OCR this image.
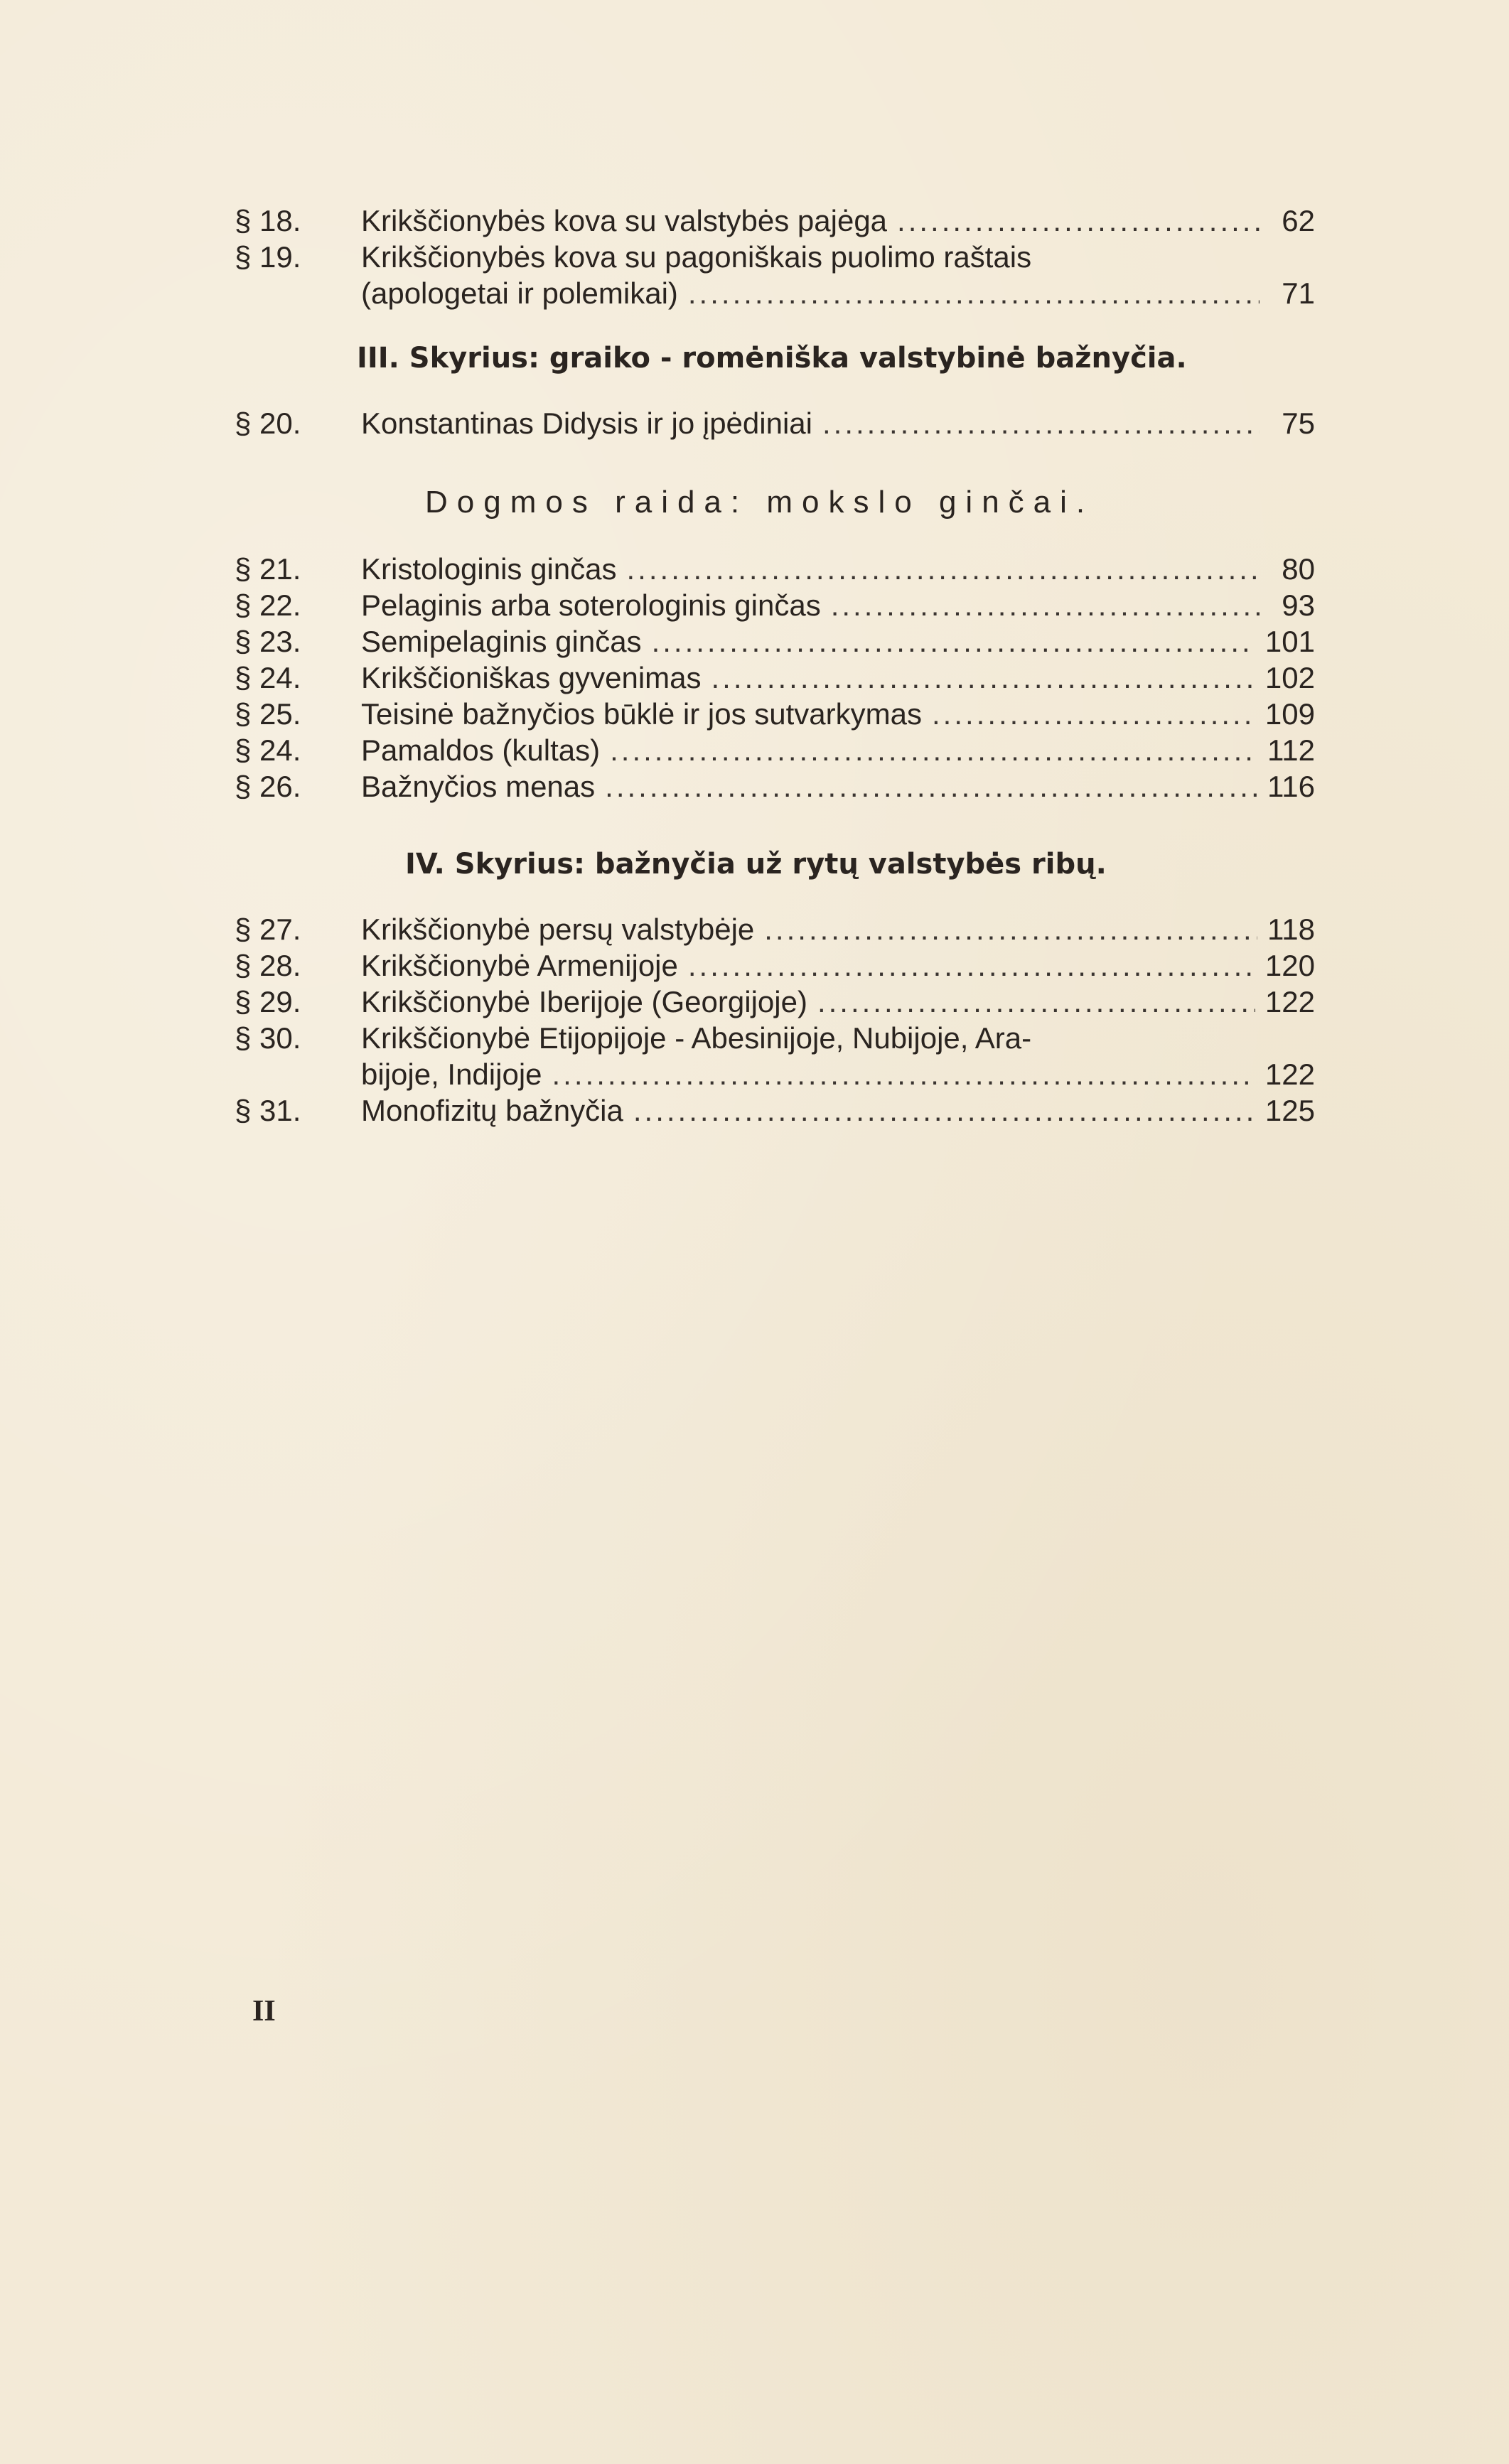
§ 18.	Krikščionybės kova su valstybės pajėga .....	62
§ 19.	Krikščionybės kova su pagoniškais puolimo raštais
(apologetai ir polemikai) .....	71
III. Skyrius: graiko - romėniška valstybinė bažnyčia.
§ 20.	Konstantinas Didysis ir jo įpėdiniai .....	75
Dogmos raida: mokslo ginčai.
§ 21.	Kristologinis ginčas .....	80
§ 22.	Pelaginis arba soterologinis ginčas .....	93
§ 23.	Semipelaginis ginčas .....	101
§ 24.	Krikščioniškas gyvenimas .....	102
§ 25.	Teisinė bažnyčios būklė ir jos sutvarkymas .....	109
§ 24.	Pamaldos (kultas) .....	112
§ 26.	Bažnyčios menas .....	116
IV. Skyrius: bažnyčia už rytų valstybės ribų.
§ 27.	Krikščionybė persų valstybėje .....	118
§ 28.	Krikščionybė Armenijoje .....	120
§ 29.	Krikščionybė Iberijoje (Georgijoje) .....	122
§ 30.	Krikščionybė Etijopijoje - Abesinijoje, Nubijoje, Ara-
bijoje, Indijoje .....	122
§ 31.	Monofizitų bažnyčia .....	125
II
